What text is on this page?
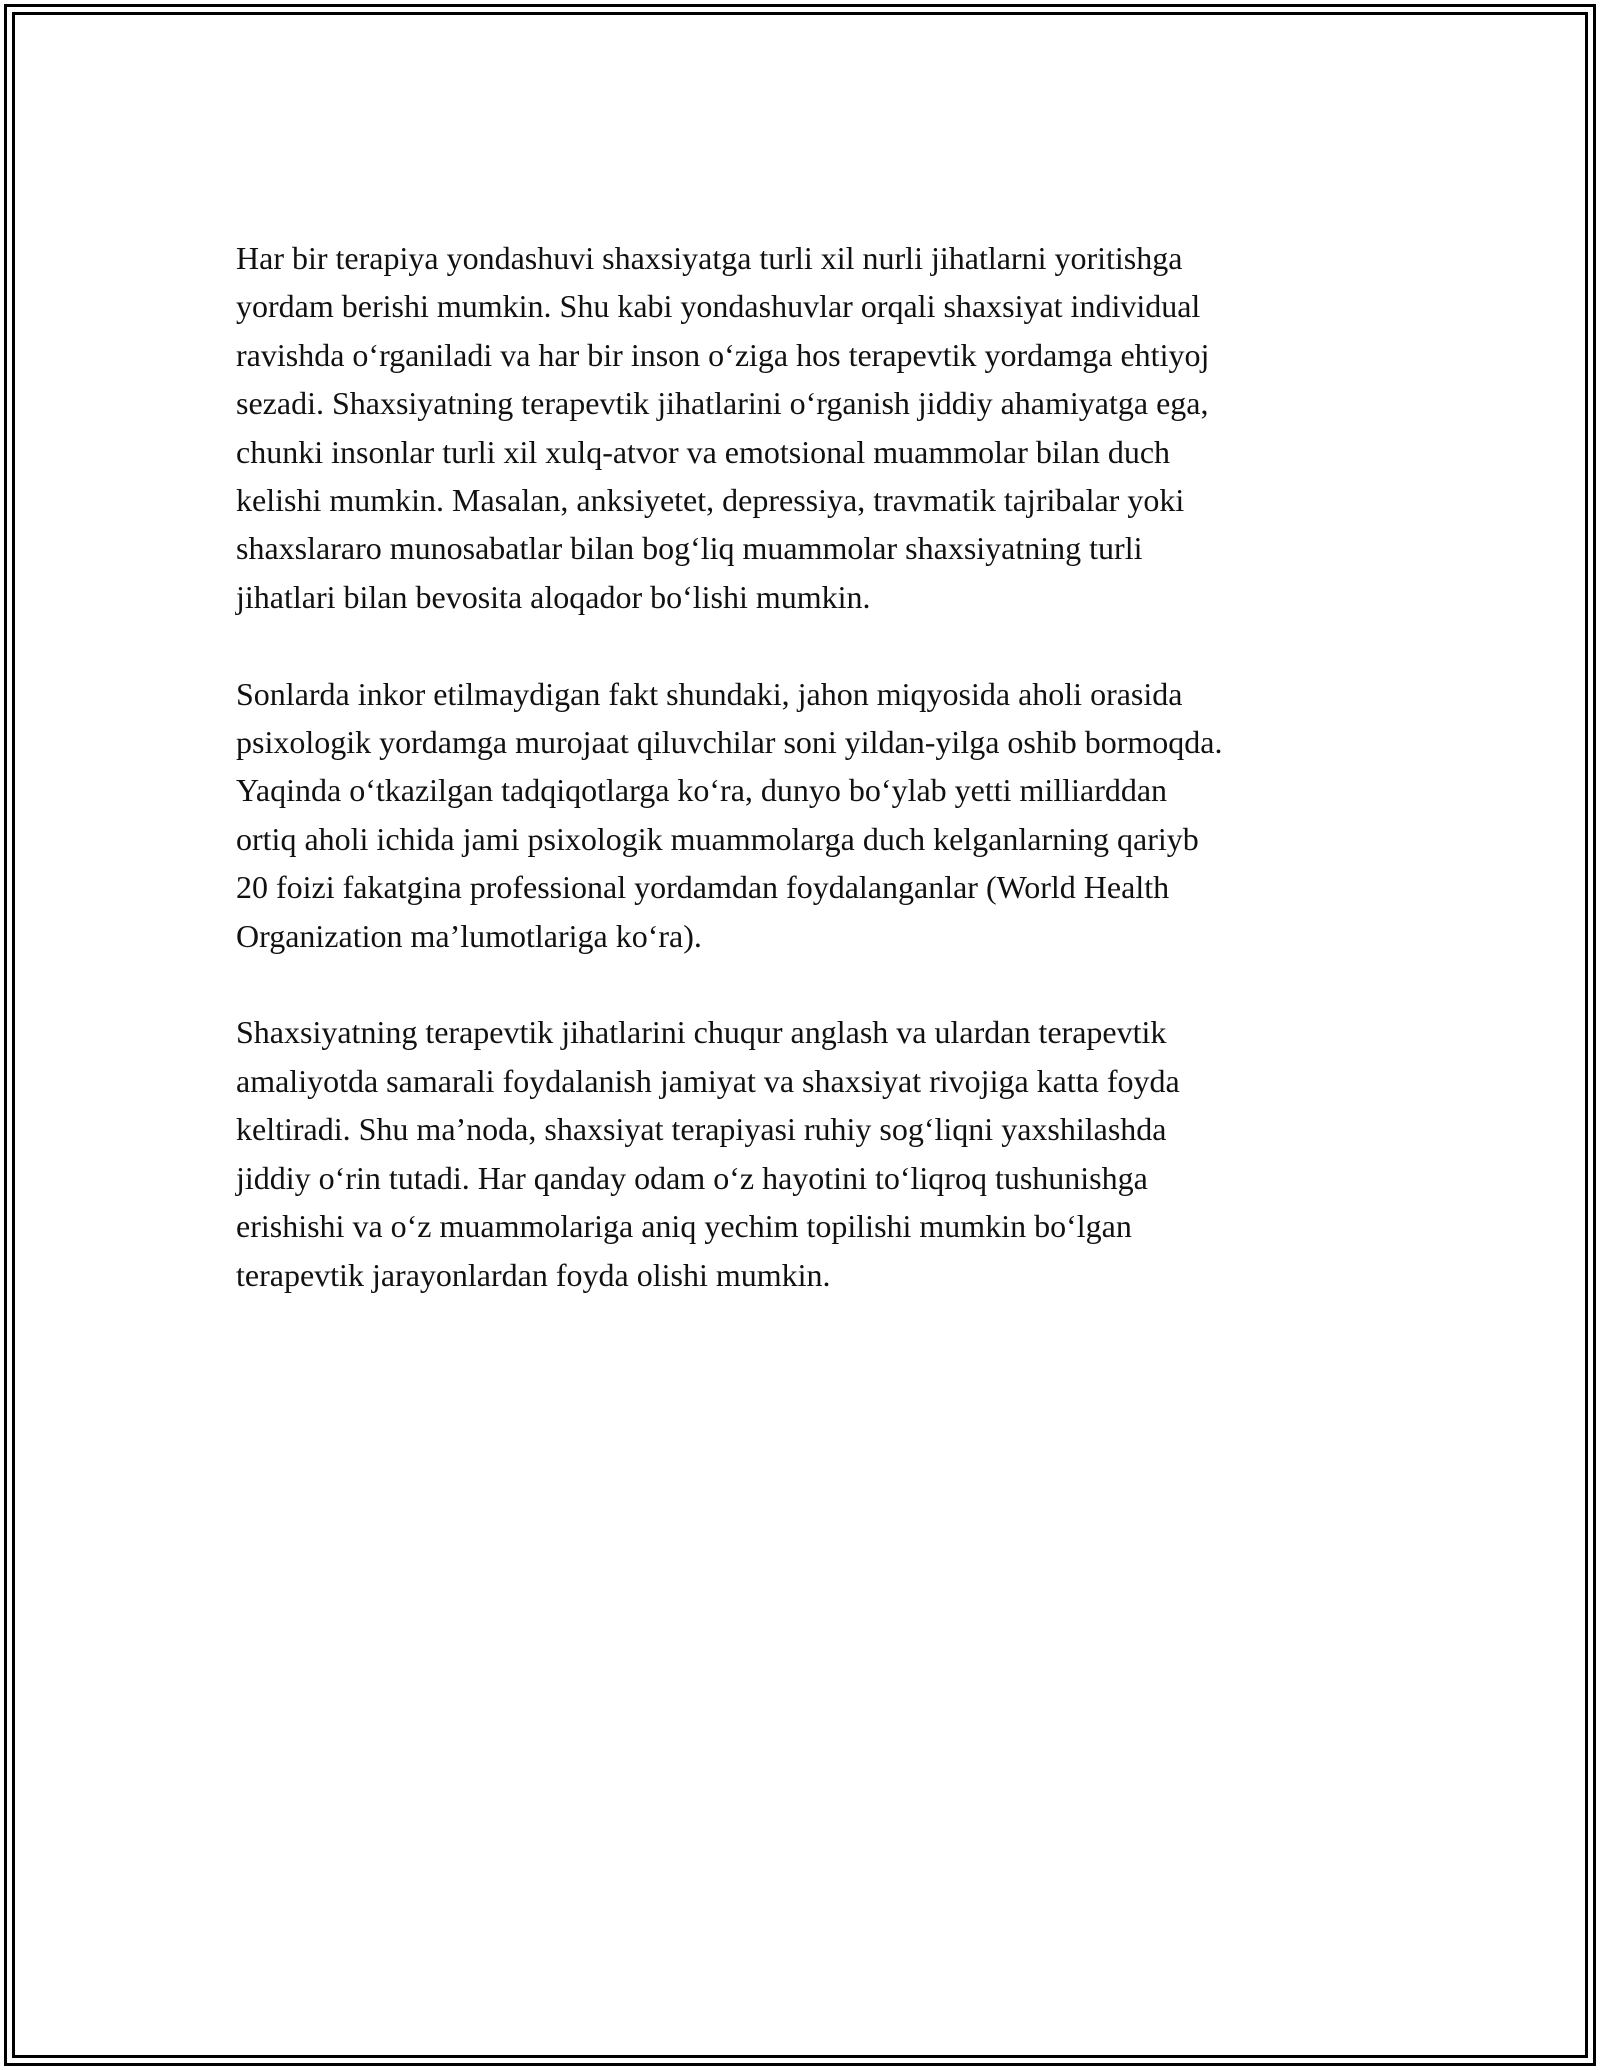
Har bir terapiya yondashuvi shaxsiyatga turli xil nurli jihatlarni yoritishga
yordam berishi mumkin. Shu kabi yondashuvlar orqali shaxsiyat individual
ravishda o‘rganiladi va har bir inson o‘ziga hos terapevtik yordamga ehtiyoj
sezadi. Shaxsiyatning terapevtik jihatlarini o‘rganish jiddiy ahamiyatga ega,
chunki insonlar turli xil xulq-atvor va emotsional muammolar bilan duch
kelishi mumkin. Masalan, anksiyetet, depressiya, travmatik tajribalar yoki
shaxslararo munosabatlar bilan bog‘liq muammolar shaxsiyatning turli
jihatlari bilan bevosita aloqador bo‘lishi mumkin.

Sonlarda inkor etilmaydigan fakt shundaki, jahon miqyosida aholi orasida
psixologik yordamga murojaat qiluvchilar soni yildan-yilga oshib bormoqda.
Yaqinda o‘tkazilgan tadqiqotlarga ko‘ra, dunyo bo‘ylab yetti milliarddan
ortiq aholi ichida jami psixologik muammolarga duch kelganlarning qariyb
20 foizi fakatgina professional yordamdan foydalanganlar (World Health
Organization ma’lumotlariga ko‘ra).

Shaxsiyatning terapevtik jihatlarini chuqur anglash va ulardan terapevtik
amaliyotda samarali foydalanish jamiyat va shaxsiyat rivojiga katta foyda
keltiradi. Shu ma’noda, shaxsiyat terapiyasi ruhiy sog‘liqni yaxshilashda
jiddiy o‘rin tutadi. Har qanday odam o‘z hayotini to‘liqroq tushunishga
erishishi va o‘z muammolariga aniq yechim topilishi mumkin bo‘lgan
terapevtik jarayonlardan foyda olishi mumkin.
